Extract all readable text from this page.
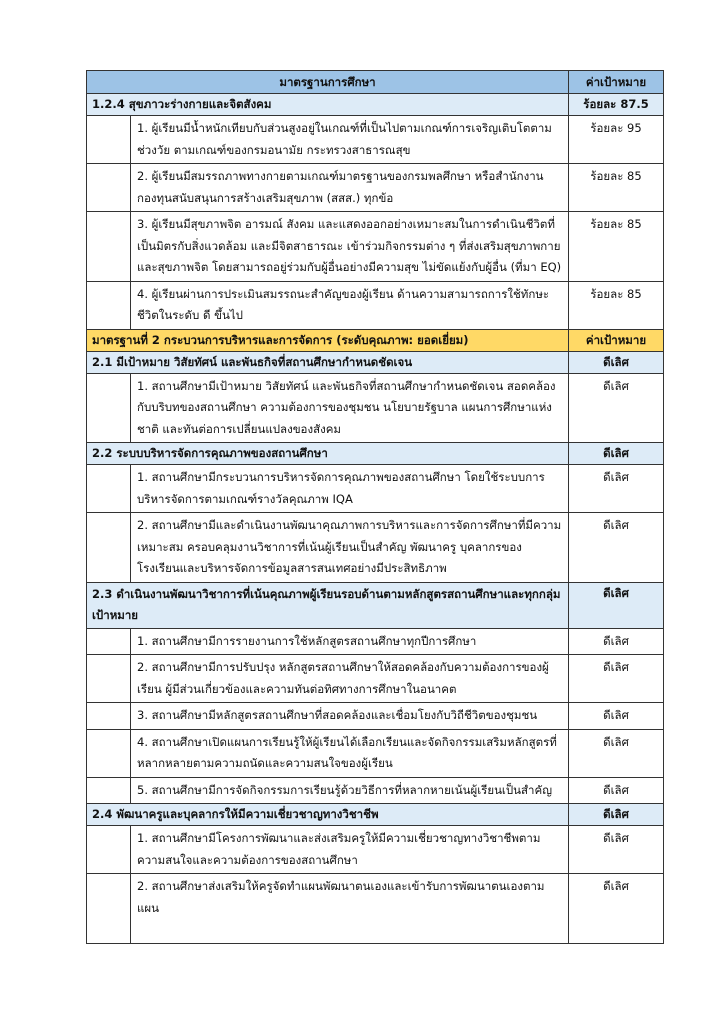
มาตรฐานการศึกษา		ค่าเป้าหมาย
1.2.4 สุขภาวะร่างกายและจิตสังคม		ร้อยละ 87.5
	1. ผู้เรียนมีน้ำหนักเทียบกับส่วนสูงอยู่ในเกณฑ์ที่เป็นไปตามเกณฑ์การเจริญเติบโตตามช่วงวัย ตามเกณฑ์ของกรมอนามัย กระทรวงสาธารณสุข	ร้อยละ 95
	2. ผู้เรียนมีสมรรถภาพทางกายตามเกณฑ์มาตรฐานของกรมพลศึกษา หรือสำนักงานกองทุนสนับสนุนการสร้างเสริมสุขภาพ (สสส.) ทุกข้อ	ร้อยละ 85
	3. ผู้เรียนมีสุขภาพจิต อารมณ์ สังคม และแสดงออกอย่างเหมาะสมในการดำเนินชีวิตที่เป็นมิตรกับสิ่งแวดล้อม และมีจิตสาธารณะ เข้าร่วมกิจกรรมต่าง ๆ ที่ส่งเสริมสุขภาพกายและสุขภาพจิต โดยสามารถอยู่ร่วมกับผู้อื่นอย่างมีความสุข ไม่ขัดแย้งกับผู้อื่น (ที่มา EQ)	ร้อยละ 85
	4. ผู้เรียนผ่านการประเมินสมรรถนะสำคัญของผู้เรียน ด้านความสามารถการใช้ทักษะชีวิตในระดับ ดี ขึ้นไป	ร้อยละ 85
มาตรฐานที่ 2 กระบวนการบริหารและการจัดการ (ระดับคุณภาพ: ยอดเยี่ยม)		ค่าเป้าหมาย
2.1 มีเป้าหมาย วิสัยทัศน์ และพันธกิจที่สถานศึกษากำหนดชัดเจน		ดีเลิศ
	1. สถานศึกษามีเป้าหมาย วิสัยทัศน์ และพันธกิจที่สถานศึกษากำหนดชัดเจน สอดคล้อง กับบริบทของสถานศึกษา ความต้องการของชุมชน นโยบายรัฐบาล แผนการศึกษาแห่งชาติ และทันต่อการเปลี่ยนแปลงของสังคม	ดีเลิศ
2.2 ระบบบริหารจัดการคุณภาพของสถานศึกษา		ดีเลิศ
	1. สถานศึกษามีกระบวนการบริหารจัดการคุณภาพของสถานศึกษา โดยใช้ระบบการบริหารจัดการตามเกณฑ์รางวัลคุณภาพ IQA	ดีเลิศ
	2. สถานศึกษามีและดำเนินงานพัฒนาคุณภาพการบริหารและการจัดการศึกษาที่มีความเหมาะสม ครอบคลุมงานวิชาการที่เน้นผู้เรียนเป็นสำคัญ พัฒนาครู บุคลากรของโรงเรียนและบริหารจัดการข้อมูลสารสนเทศอย่างมีประสิทธิภาพ	ดีเลิศ
2.3 ดำเนินงานพัฒนาวิชาการที่เน้นคุณภาพผู้เรียนรอบด้านตามหลักสูตรสถานศึกษาและทุกกลุ่มเป้าหมาย		ดีเลิศ
	1. สถานศึกษามีการรายงานการใช้หลักสูตรสถานศึกษาทุกปีการศึกษา	ดีเลิศ
	2. สถานศึกษามีการปรับปรุง หลักสูตรสถานศึกษาให้สอดคล้องกับความต้องการของผู้เรียน ผู้มีส่วนเกี่ยวข้องและความทันต่อทิศทางการศึกษาในอนาคต	ดีเลิศ
	3. สถานศึกษามีหลักสูตรสถานศึกษาที่สอดคล้องและเชื่อมโยงกับวิถีชีวิตของชุมชน	ดีเลิศ
	4. สถานศึกษาเปิดแผนการเรียนรู้ให้ผู้เรียนได้เลือกเรียนและจัดกิจกรรมเสริมหลักสูตรที่หลากหลายตามความถนัดและความสนใจของผู้เรียน	ดีเลิศ
	5. สถานศึกษามีการจัดกิจกรรมการเรียนรู้ด้วยวิธีการที่หลากหายเน้นผู้เรียนเป็นสำคัญ	ดีเลิศ
2.4 พัฒนาครูและบุคลากรให้มีความเชี่ยวชาญทางวิชาชีพ		ดีเลิศ
	1. สถานศึกษามีโครงการพัฒนาและส่งเสริมครูให้มีความเชี่ยวชาญทางวิชาชีพตามความสนใจและความต้องการของสถานศึกษา	ดีเลิศ
	2. สถานศึกษาส่งเสริมให้ครูจัดทำแผนพัฒนาตนเองและเข้ารับการพัฒนาตนเองตามแผน	ดีเลิศ
